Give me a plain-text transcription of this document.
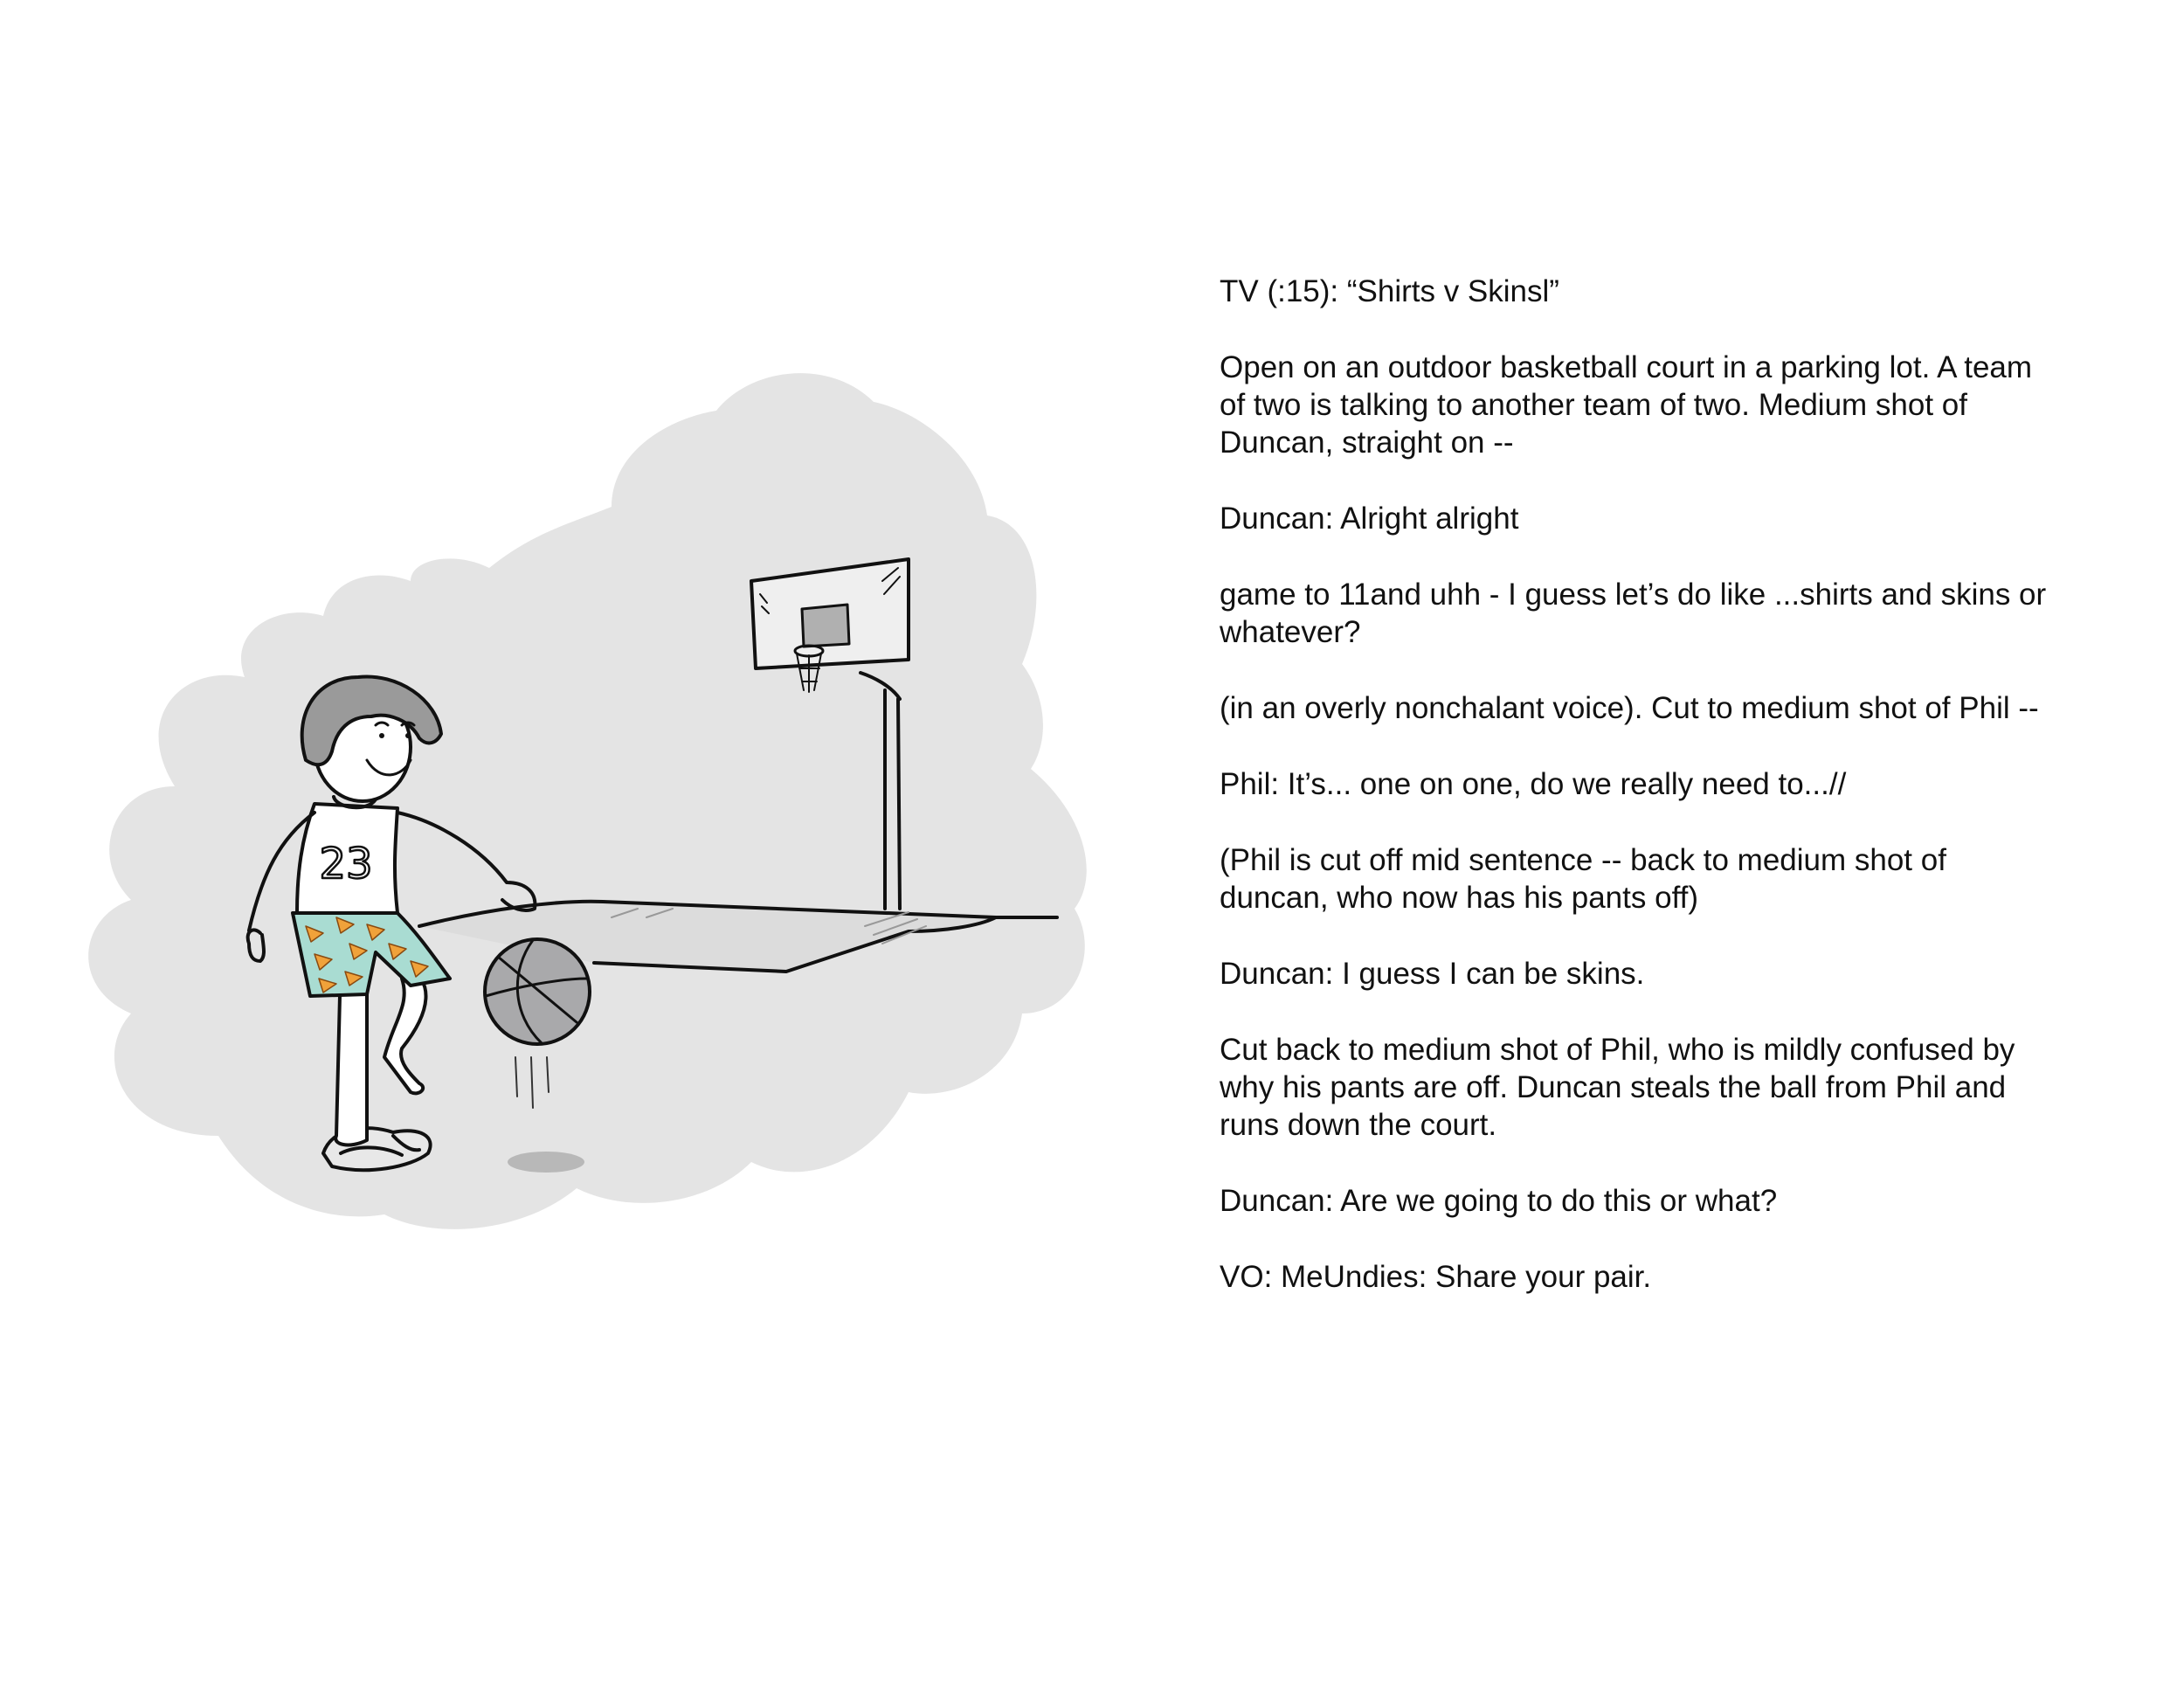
23

TV (:15): “Shirts v Skinsl”

Open on an outdoor basketball court in a parking lot. A team of two is talking to another team of two. Medium shot of Duncan, straight on --

Duncan: Alright alright

game to 11and uhh - I guess let’s do like ...shirts and skins or whatever?

(in an overly nonchalant voice). Cut to medium shot of Phil --

Phil: It’s... one on one, do we really need to...//

(Phil is cut off mid sentence -- back to medium shot of duncan, who now has his pants off)

Duncan: I guess I can be skins.

Cut back to medium shot of Phil, who is mildly confused by why his pants are off. Duncan steals the ball from Phil and runs down the court.

Duncan: Are we going to do this or what?

VO: MeUndies: Share your pair.
